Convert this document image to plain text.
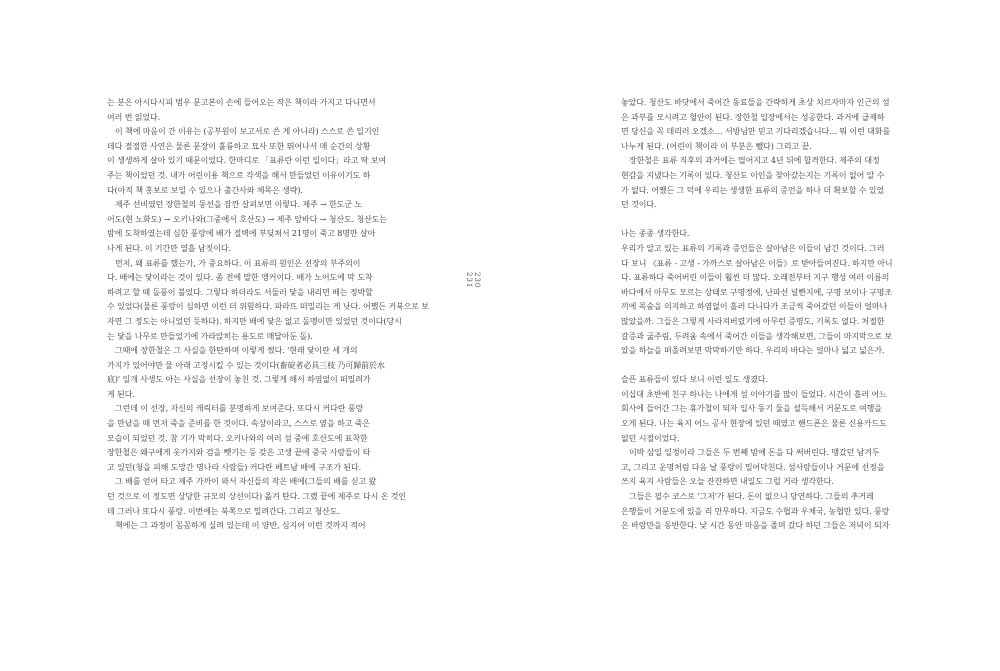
는 분은 아시다시피 범우 문고본이 손에 들어오는 작은 책이라 가지고 다니면서
여러 번 읽었다.
이 책에 마음이 간 이유는 (공부원이 보고서로 쓴 게 아니라) 스스로 쓴 일기인
데다 절절한 사연은 물론 문장이 훌륭하고 묘사 또한 뛰어나서 매 순간의 상황
이 생생하게 살아 있기 때문이었다. 한마디로 「표류란 이런 일이다」라고 딱 보여
주는 책이었던 것. 내가 어린이용 책으로 각색을 해서 만들었던 이유이기도 하
다(아직 책 홍보로 보일 수 있으나 출간사와 체목은 생략).
제주 선비였던 장한철의 동선을 잠깐 살펴보면 이렇다. 제주 → 한도군 노
어도(현 노화도) → 오키나와(그중에서 호산도) → 제주 앞바다 → 청산도. 청산도는
밤에 도착하였는데 심한 풍랑에 배가 절벽에 부딪쳐서 21명이 죽고 8명만 살아
나게 된다. 이 기간만 열흘 남짓이다.
먼저, 왜 표류를 했는가, 가 중요하다. 이 표류의 원인은 선장의 부주의이
다. 배에는 닻이라는 것이 있다. 좀 전에 말한 앵커이다. 배가 노어도에 막 도착
하려고 할 때 돌풍이 불었다. 그렇다 하더라도 서둘러 닻을 내리면 배는 정박할
수 있었다(물론 풍랑이 심하면 이런 더 위험하다. 파라뜨 떠밀리는 게 낫다. 어쨌든 거북으로 보
자면 그 정도는 아니었던 듯하다). 하지만 배에 닻은 없고 돌멩이만 있었던 것이다(당시
는 닻을 나무로 만들었기에 가라앉히는 용도로 매달아둔 돌).
그때에 장한철은 그 사실을 한탄하며 이렇게 썼다. '현래 닻이란 세 개의
가지가 있어야만 물 아래 고정시킬 수 있는 것이다(畜碇者必具三枝 乃可歸前於水
底)' 일개 사생도 아는 사실을 선장이 놓친 것. 그렇게 해서 하염없이 떠밀려가
게 된다.
그런데 이 선장, 자신의 캐릭터를 분명하게 보여준다. 또다시 커다란 풍랑
을 만났을 때 먼저 죽을 준비를 한 것이다. 속상이라고, 스스로 옆을 하고 죽은
모습이 되었던 것. 참 기가 막히다. 오키나와의 여러 섬 중에 호산도에 표착한
장한철은 왜구에게 옷가지와 검을 뺏기는 등 갖은 고생 끝에 중국 사람들이 타
고 있던(청을 피해 도망간 명나라 사람들) 커다란 베트남 배에 구조가 된다.
그 배를 얻어 타고 제주 가까이 와서 자신들의 작은 배에(그들의 배를 싣고 왔
던 것으로 이 정도면 상당한 규모의 상선이다) 옮겨 탄다. 그랬 끝에 제주로 다시 온 것인
데 그러나 또다시 풍랑. 이번에는 북쪽으로 밀려간다. 그리고 청산도.
책에는 그 과정이 꼼꼼하게 실려 있는데 이 양반, 심지어 이런 것까지 적어
놓았다. 청산도 바닷에서 죽어간 동료들을 간략하게 초상 치르자마자 인근의 섬
은 과부를 모시려고 혈안이 된다. 장한철 입장에서는 성공한다. 과거에 급제하
면 당신을 꼭 데리러 오겠소… 서방님만 믿고 기다리겠습니다… 뭐 이런 대화를
나누게 된다. (어린이 책이라 이 부분은 뺐다) 그리고 끝.
장한철은 표류 직후의 과거에는 떨어지고 4년 뒤에 합격한다. 제주의 대정
현감을 지냈다는 기록이 있다. 청산도 이인을 찾아갔는지는 기록이 없어 알 수
가 없다. 어쨌든 그 덕에 우리는 생생한 표류의 증언을 하나 더 확보할 수 있었
던 것이다.
나는 종종 생각한다.
우리가 알고 있는 표류의 기록과 증언들은 살아남은 이들이 남긴 것이다. 그러
다 보니 《표류 - 고생 - 가까스로 살아남은 이들》로 받아들여진다. 하지만 아니
다. 표류하다 죽어버린 이들이 훨씬 더 많다. 오래전부터 지구 행성 여러 이름의
바다에서 아무도 모르는 상태로 구명정에, 난파선 널빤지에, 구명 보이나 구명조
끼에 목숨을 의지하고 하염없이 흘러 다니다가 조금씩 죽어갔던 이들이 얼마나
많았을까. 그들은 그렇게 사라져버렸기에 아무런 증명도, 기록도 없다. 처절한
갈증과 굶주림, 두려움 속에서 죽어간 이들을 생각해보면, 그들이 마지막으로 보
았을 하늘을 떠올려보면 막막하기만 하다. 우리의 바다는 얼마나 넓고 넓은가.
슬픈 표류들이 있다 보니 이런 일도 생겼다.
이십대 초반에 친구 하나는 나에게 섬 이야기를 많이 들었다. 시간이 흘러 어느
회사에 들어간 그는 휴가철이 되자 입사 동기 둘을 설득해서 거문도로 여행을
오게 된다. 나는 육지 어느 공사 현장에 있던 때였고 핸드폰은 물론 신용카드도
없던 시절이었다.
이박 삼일 일정이라 그들은 두 번째 밤에 돈을 다 써버린다. 맹갔던 남겨두
고, 그리고 운명처럼 다음 날 풍랑이 밀어닥친다. 섬사람들이나 거문에 선정을
쓰지 육지 사람들은 오늘 잔잔하면 내일도 그럴 거라 생각한다.
그들은 필수 코스로 '그저'가 된다. 돈이 없으니 당연하다. 그들의 추거레
은행들이 거문도에 있을 리 만무하다. 지금도 수협과 우체국, 농협만 있다. 풍랑
은 바람만을 동반한다. 낮 시간 동안 마음을 졸며 갔다 하던 그들은 저녁이 되자
230
231
